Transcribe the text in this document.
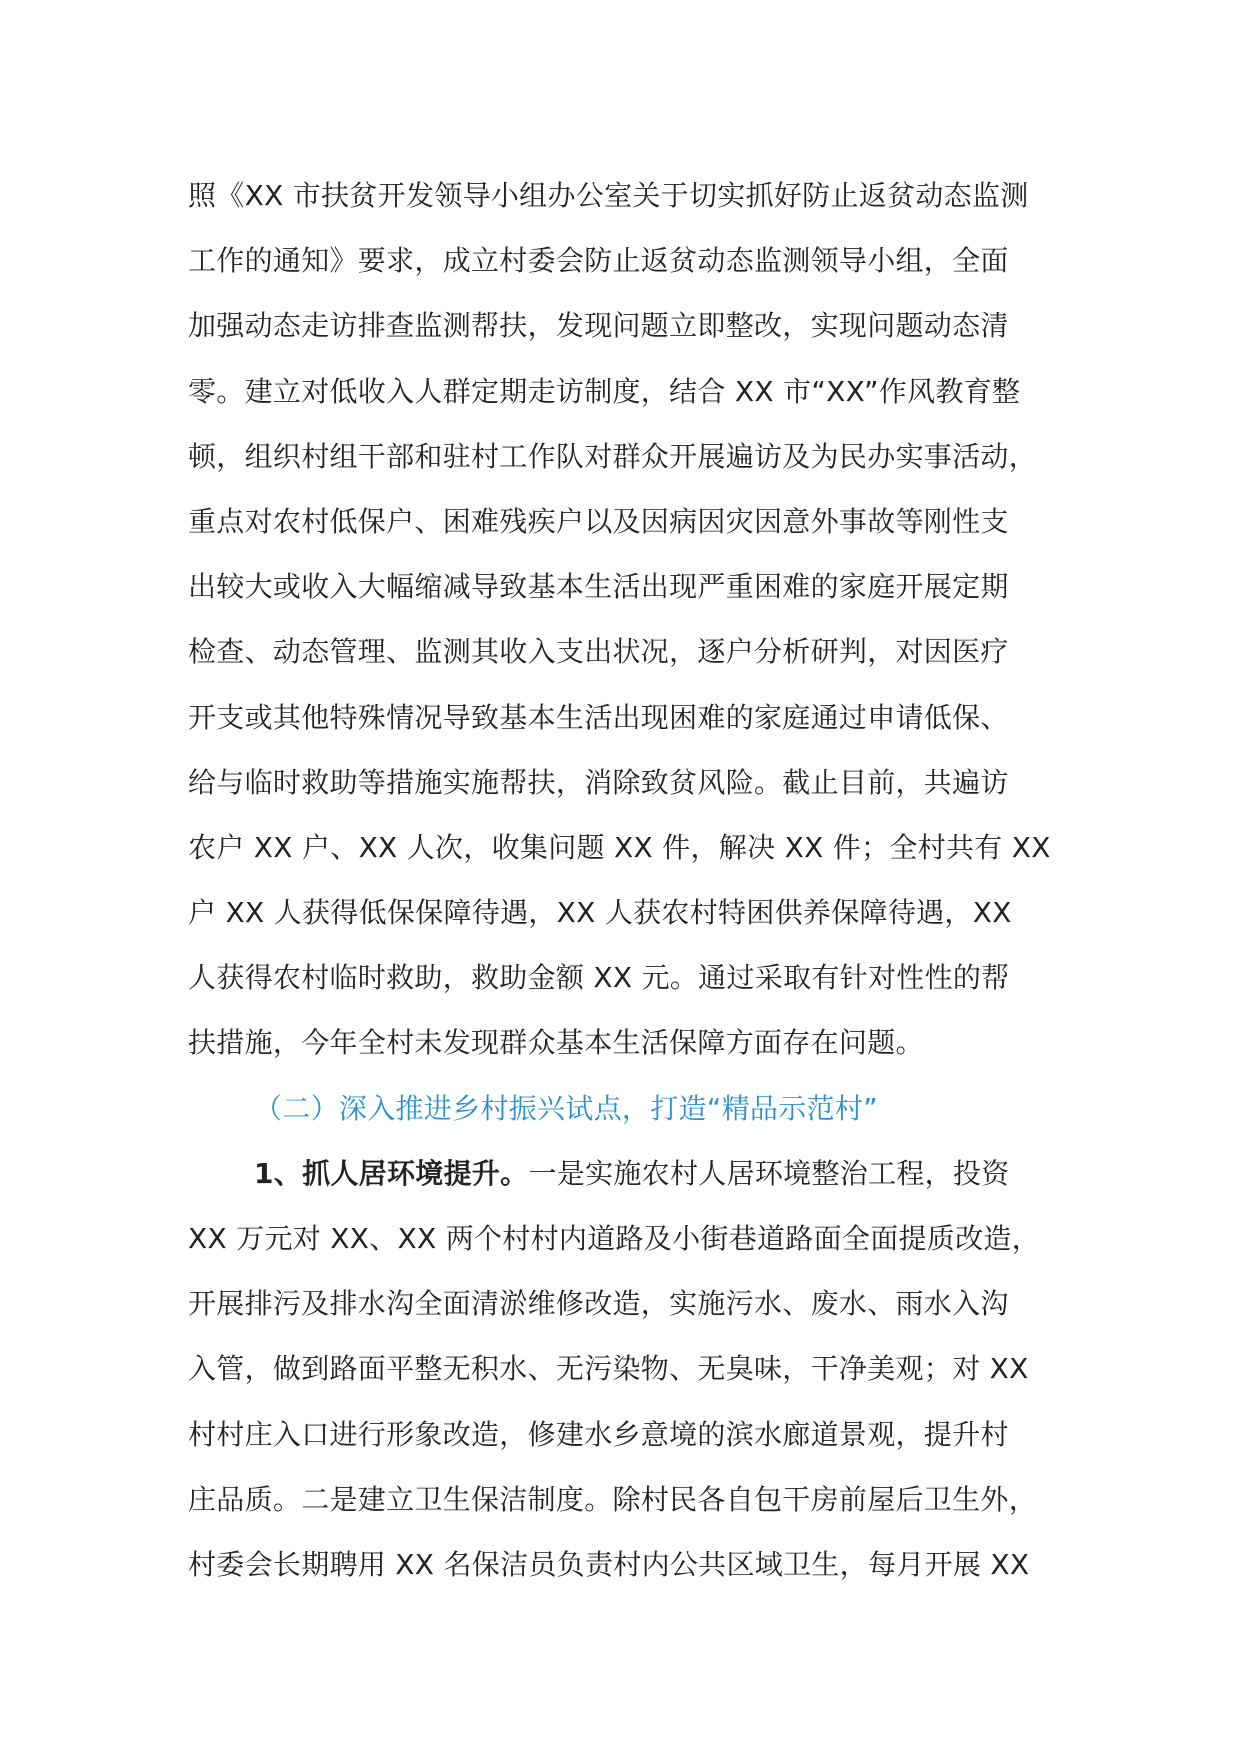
照《XX 市扶贫开发领导小组办公室关于切实抓好防止返贫动态监测
工作的通知》要求，成立村委会防止返贫动态监测领导小组，全面
加强动态走访排查监测帮扶，发现问题立即整改，实现问题动态清
零。建立对低收入人群定期走访制度，结合 XX 市“XX”作风教育整
顿，组织村组干部和驻村工作队对群众开展遍访及为民办实事活动，
重点对农村低保户、困难残疾户以及因病因灾因意外事故等刚性支
出较大或收入大幅缩减导致基本生活出现严重困难的家庭开展定期
检查、动态管理、监测其收入支出状况，逐户分析研判，对因医疗
开支或其他特殊情况导致基本生活出现困难的家庭通过申请低保、
给与临时救助等措施实施帮扶，消除致贫风险。截止目前，共遍访
农户 XX 户、XX 人次，收集问题 XX 件，解决 XX 件；全村共有 XX
户 XX 人获得低保保障待遇，XX 人获农村特困供养保障待遇，XX
人获得农村临时救助，救助金额 XX 元。通过采取有针对性性的帮
扶措施，今年全村未发现群众基本生活保障方面存在问题。
（二）深入推进乡村振兴试点，打造“精品示范村”
1、抓人居环境提升。一是实施农村人居环境整治工程，投资
XX 万元对 XX、XX 两个村村内道路及小街巷道路面全面提质改造，
开展排污及排水沟全面清淤维修改造，实施污水、废水、雨水入沟
入管，做到路面平整无积水、无污染物、无臭味，干净美观；对 XX
村村庄入口进行形象改造，修建水乡意境的滨水廊道景观，提升村
庄品质。二是建立卫生保洁制度。除村民各自包干房前屋后卫生外，
村委会长期聘用 XX 名保洁员负责村内公共区域卫生，每月开展 XX
